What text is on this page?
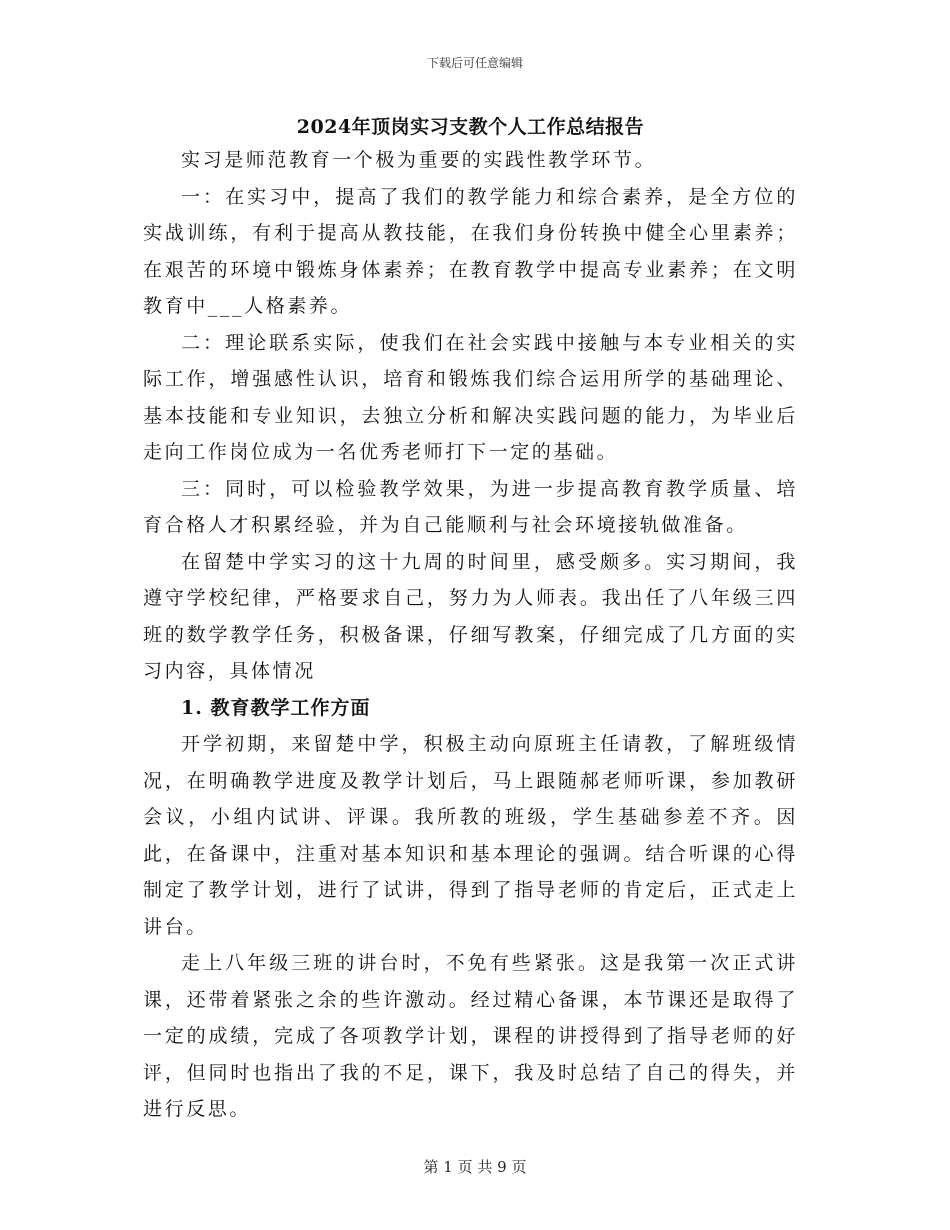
下载后可任意编辑
2024年顶岗实习支教个人工作总结报告

实习是师范教育一个极为重要的实践性教学环节。

一：在实习中，提高了我们的教学能力和综合素养，是全方位的实战训练，有利于提高从教技能，在我们身份转换中健全心里素养；在艰苦的环境中锻炼身体素养；在教育教学中提高专业素养；在文明教育中___人格素养。

二：理论联系实际，使我们在社会实践中接触与本专业相关的实际工作，增强感性认识，培育和锻炼我们综合运用所学的基础理论、基本技能和专业知识，去独立分析和解决实践问题的能力，为毕业后走向工作岗位成为一名优秀老师打下一定的基础。

三：同时，可以检验教学效果，为进一步提高教育教学质量、培育合格人才积累经验，并为自己能顺利与社会环境接轨做准备。

在留楚中学实习的这十九周的时间里，感受颇多。实习期间，我遵守学校纪律，严格要求自己，努力为人师表。我出任了八年级三四班的数学教学任务，积极备课，仔细写教案，仔细完成了几方面的实习内容，具体情况

1. 教育教学工作方面

开学初期，来留楚中学，积极主动向原班主任请教，了解班级情况，在明确教学进度及教学计划后，马上跟随郝老师听课，参加教研会议，小组内试讲、评课。我所教的班级，学生基础参差不齐。因此，在备课中，注重对基本知识和基本理论的强调。结合听课的心得制定了教学计划，进行了试讲，得到了指导老师的肯定后，正式走上讲台。

走上八年级三班的讲台时，不免有些紧张。这是我第一次正式讲课，还带着紧张之余的些许激动。经过精心备课，本节课还是取得了一定的成绩，完成了各项教学计划，课程的讲授得到了指导老师的好评，但同时也指出了我的不足，课下，我及时总结了自己的得失，并进行反思。

第 1 页 共 9 页
